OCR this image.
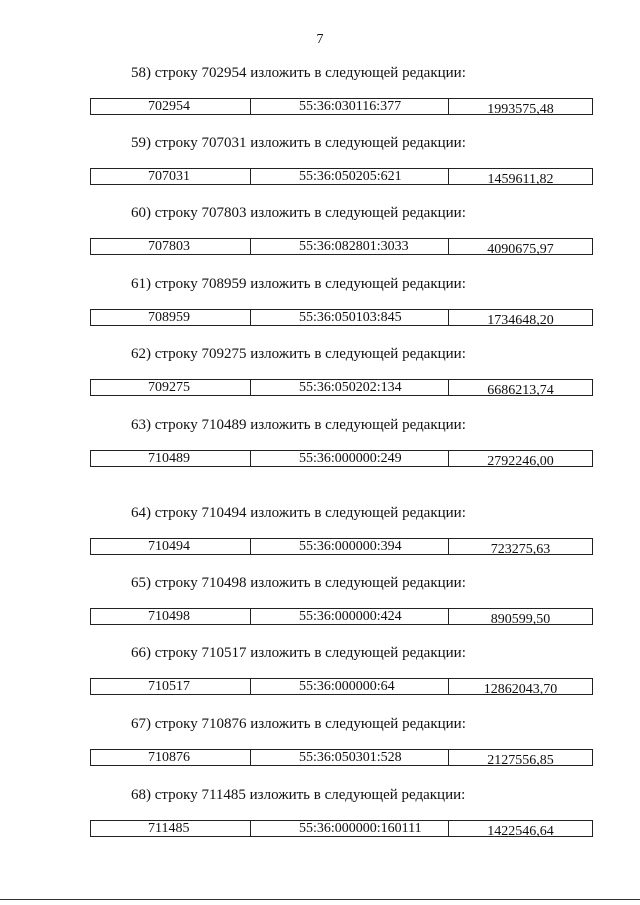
7
58) строку 702954 изложить в следующей редакции:
702954	55:36:030116:377	1993575,48
59) строку 707031 изложить в следующей редакции:
707031	55:36:050205:621	1459611,82
60) строку 707803 изложить в следующей редакции:
707803	55:36:082801:3033	4090675,97
61) строку 708959 изложить в следующей редакции:
708959	55:36:050103:845	1734648,20
62) строку 709275 изложить в следующей редакции:
709275	55:36:050202:134	6686213,74
63) строку 710489 изложить в следующей редакции:
710489	55:36:000000:249	2792246,00
64) строку 710494 изложить в следующей редакции:
710494	55:36:000000:394	723275,63
65) строку 710498 изложить в следующей редакции:
710498	55:36:000000:424	890599,50
66) строку 710517 изложить в следующей редакции:
710517	55:36:000000:64	12862043,70
67) строку 710876 изложить в следующей редакции:
710876	55:36:050301:528	2127556,85
68) строку 711485 изложить в следующей редакции:
711485	55:36:000000:160111	1422546,64
